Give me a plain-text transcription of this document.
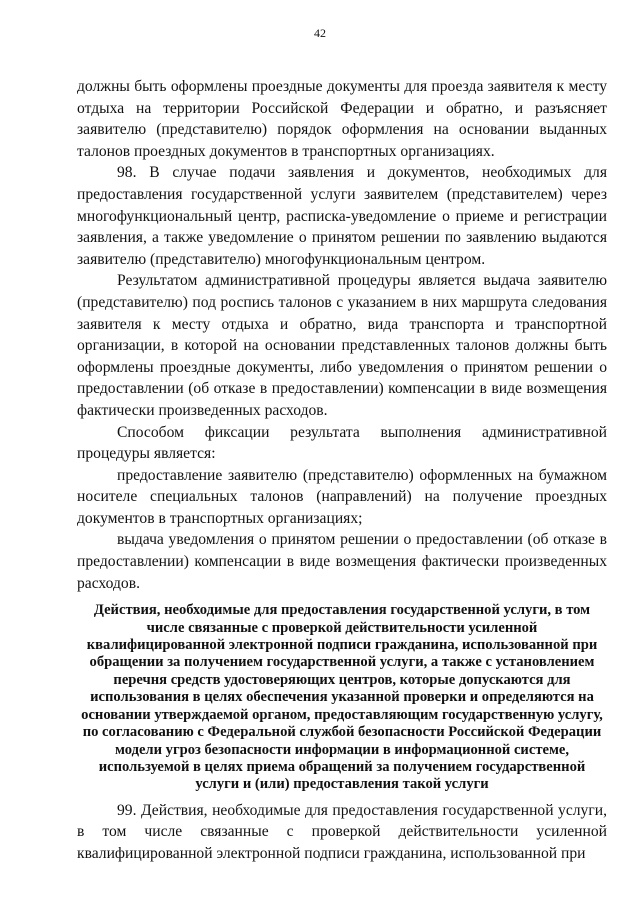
42

должны быть оформлены проездные документы для проезда заявителя к месту отдыха на территории Российской Федерации и обратно, и разъясняет заявителю (представителю) порядок оформления на основании выданных талонов проездных документов в транспортных организациях.

98. В случае подачи заявления и документов, необходимых для предоставления государственной услуги заявителем (представителем) через многофункциональный центр, расписка-уведомление о приеме и регистрации заявления, а также уведомление о принятом решении по заявлению выдаются заявителю (представителю) многофункциональным центром.

Результатом административной процедуры является выдача заявителю (представителю) под роспись талонов с указанием в них маршрута следования заявителя к месту отдыха и обратно, вида транспорта и транспортной организации, в которой на основании представленных талонов должны быть оформлены проездные документы, либо уведомления о принятом решении о предоставлении (об отказе в предоставлении) компенсации в виде возмещения фактически произведенных расходов.

Способом фиксации результата выполнения административной процедуры является:

предоставление заявителю (представителю) оформленных на бумажном носителе специальных талонов (направлений) на получение проездных документов в транспортных организациях;

выдача уведомления о принятом решении о предоставлении (об отказе в предоставлении) компенсации в виде возмещения фактически произведенных расходов.

Действия, необходимые для предоставления государственной услуги, в том числе связанные с проверкой действительности усиленной квалифицированной электронной подписи гражданина, использованной при обращении за получением государственной услуги, а также с установлением перечня средств удостоверяющих центров, которые допускаются для использования в целях обеспечения указанной проверки и определяются на основании утверждаемой органом, предоставляющим государственную услугу, по согласованию с Федеральной службой безопасности Российской Федерации модели угроз безопасности информации в информационной системе, используемой в целях приема обращений за получением государственной услуги и (или) предоставления такой услуги

99. Действия, необходимые для предоставления государственной услуги, в том числе связанные с проверкой действительности усиленной квалифицированной электронной подписи гражданина, использованной при
